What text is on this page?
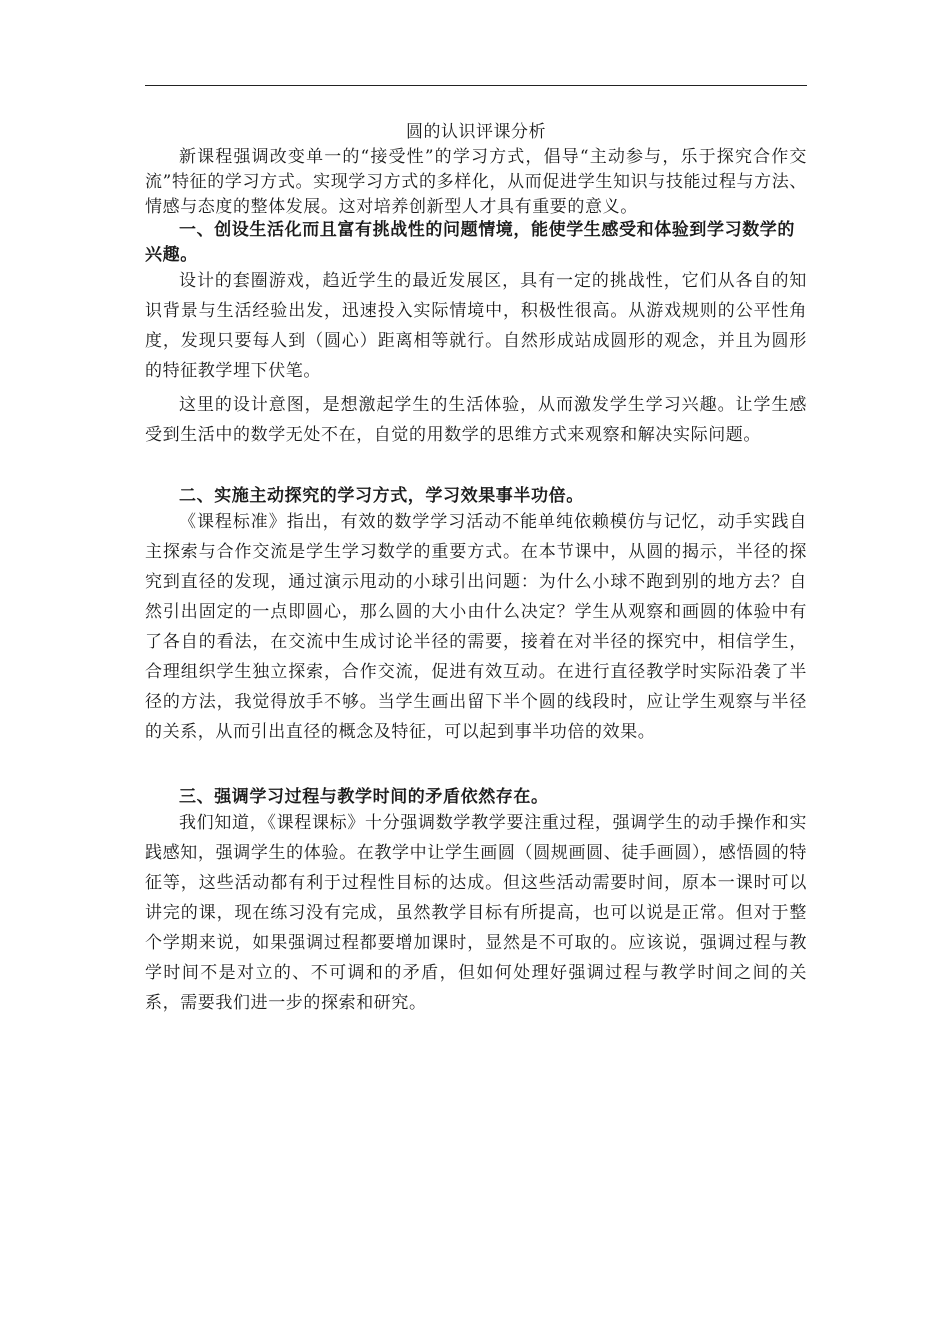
圆的认识评课分析
新课程强调改变单一的“接受性”的学习方式，倡导“主动参与，乐于探究合作交流”特征的学习方式。实现学习方式的多样化，从而促进学生知识与技能过程与方法、情感与态度的整体发展。这对培养创新型人才具有重要的意义。
一、创设生活化而且富有挑战性的问题情境，能使学生感受和体验到学习数学的兴趣。
设计的套圈游戏，趋近学生的最近发展区，具有一定的挑战性，它们从各自的知识背景与生活经验出发，迅速投入实际情境中，积极性很高。从游戏规则的公平性角度，发现只要每人到（圆心）距离相等就行。自然形成站成圆形的观念，并且为圆形的特征教学埋下伏笔。
这里的设计意图，是想激起学生的生活体验，从而激发学生学习兴趣。让学生感受到生活中的数学无处不在，自觉的用数学的思维方式来观察和解决实际问题。
二、实施主动探究的学习方式，学习效果事半功倍。
《课程标准》指出，有效的数学学习活动不能单纯依赖模仿与记忆，动手实践自主探索与合作交流是学生学习数学的重要方式。在本节课中，从圆的揭示，半径的探究到直径的发现，通过演示甩动的小球引出问题：为什么小球不跑到别的地方去？自然引出固定的一点即圆心，那么圆的大小由什么决定？学生从观察和画圆的体验中有了各自的看法，在交流中生成讨论半径的需要，接着在对半径的探究中，相信学生，合理组织学生独立探索，合作交流，促进有效互动。在进行直径教学时实际沿袭了半径的方法，我觉得放手不够。当学生画出留下半个圆的线段时，应让学生观察与半径的关系，从而引出直径的概念及特征，可以起到事半功倍的效果。
三、强调学习过程与教学时间的矛盾依然存在。
我们知道，《课程课标》十分强调数学教学要注重过程，强调学生的动手操作和实践感知，强调学生的体验。在教学中让学生画圆（圆规画圆、徒手画圆），感悟圆的特征等，这些活动都有利于过程性目标的达成。但这些活动需要时间，原本一课时可以讲完的课，现在练习没有完成，虽然教学目标有所提高，也可以说是正常。但对于整个学期来说，如果强调过程都要增加课时，显然是不可取的。应该说，强调过程与教学时间不是对立的、不可调和的矛盾，但如何处理好强调过程与教学时间之间的关系，需要我们进一步的探索和研究。
